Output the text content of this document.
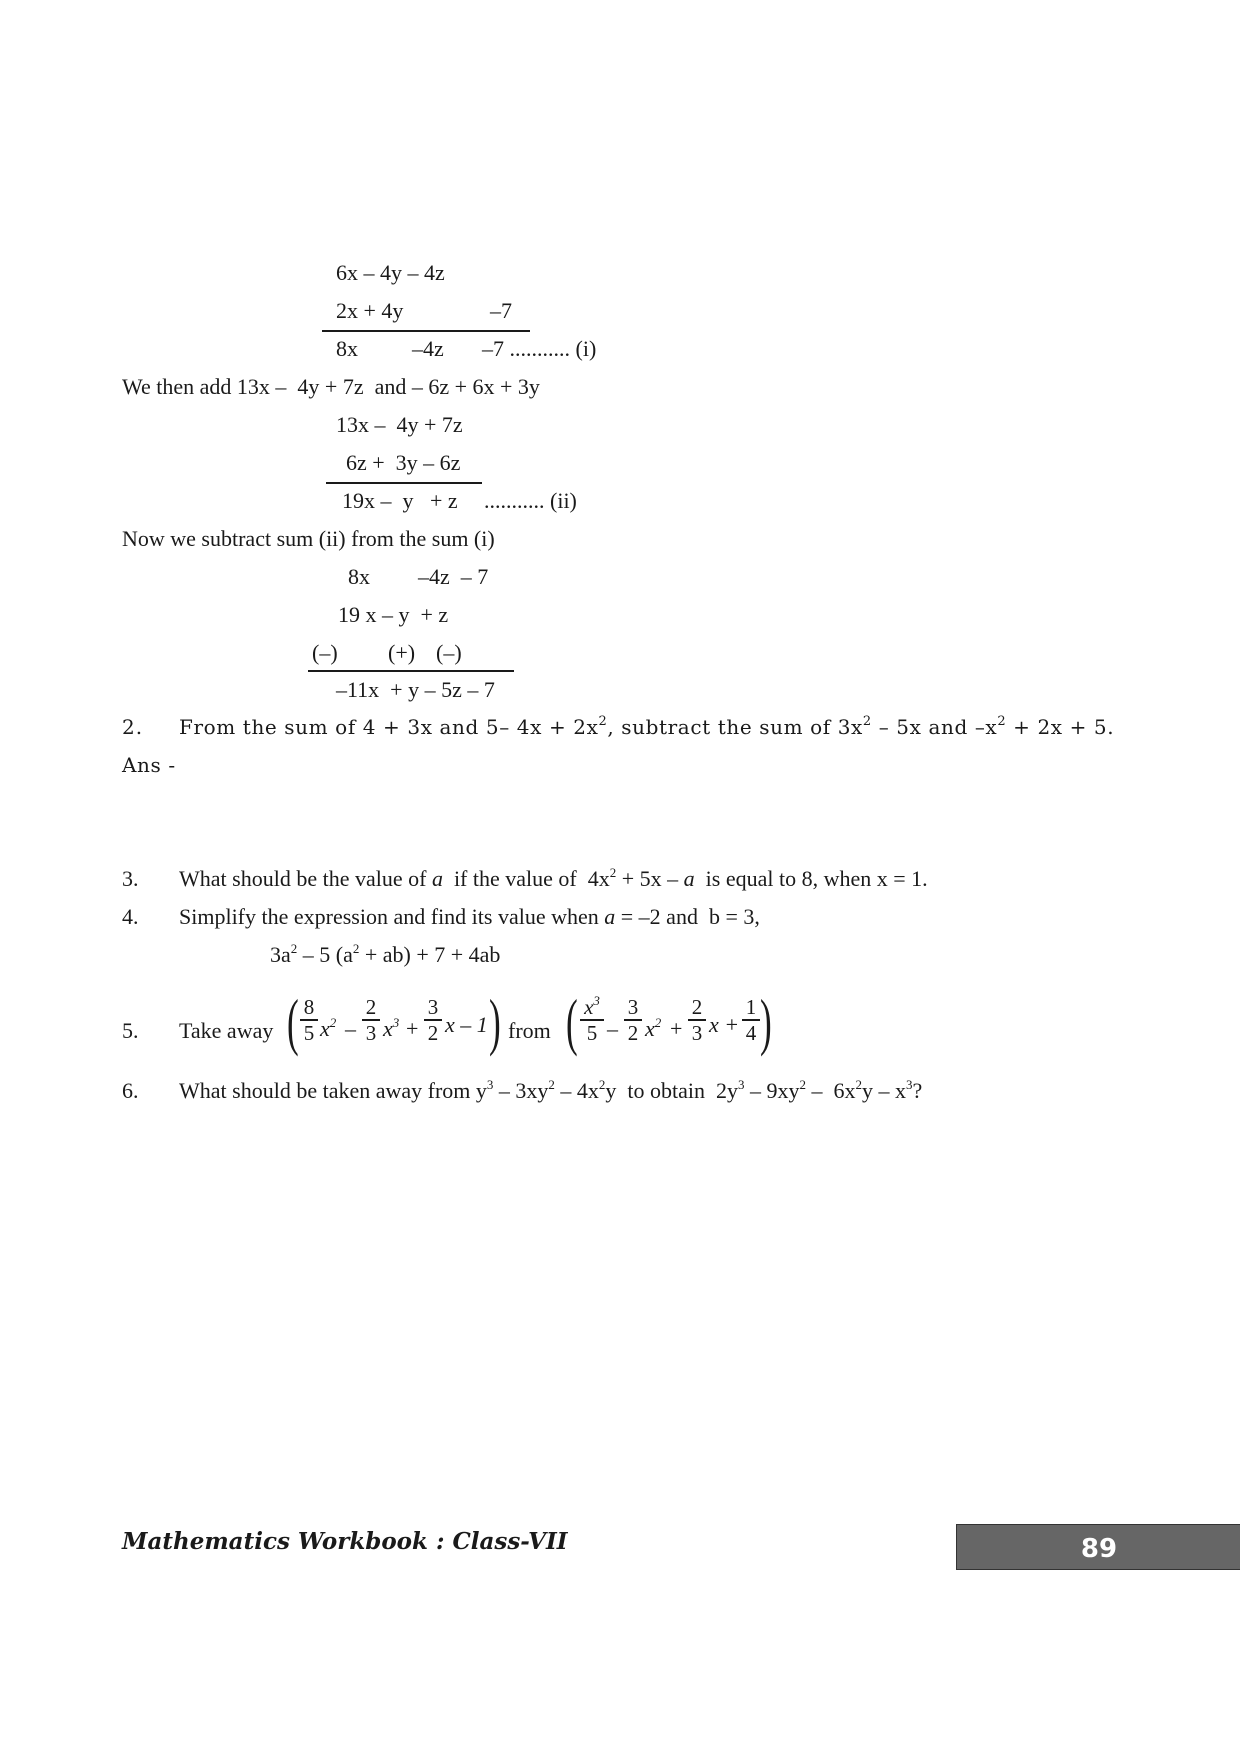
6x – 4y – 4z
2x + 4y	–7
8x –4z –7 ........... (i)
We then add 13x –  4y + 7z  and – 6z + 6x + 3y
13x –  4y + 7z
6z +  3y – 6z
19x –  y   + z ........... (ii)
Now we subtract sum (ii) from the sum (i)
8x –4z  – 7
19 x – y  + z
(–) (+) (–)
–11x  + y – 5z – 7
2. From the sum of 4 + 3x and 5– $4x + 2x^2$, subtract the sum of $3x^2 - 5x$ and $-x^2 + 2x + 5$.
Ans -
3. What should be the value of a  if the value of  $4x^2 + 5x - a$  is equal to 8, when x = 1.
4. Simplify the expression and find its value when a = –2 and  b = 3,
$3a^2 - 5$ $(a^2 + ab) + 7 + 4ab$
5. Take away ( 8
5 $x^2$ –
2
3 $x^3$ +
3
2 x – 1 ) from ( $x^3$
5 –
3
2 $x^2$ +
2
3 x +
1
4 )
6. What should be taken away from $y^3 - 3xy^2 - 4x^2y$  to obtain  $2y^3 - 9xy^2 - 6x^2y - x^3$?
Mathematics Workbook : Class-VII	89
